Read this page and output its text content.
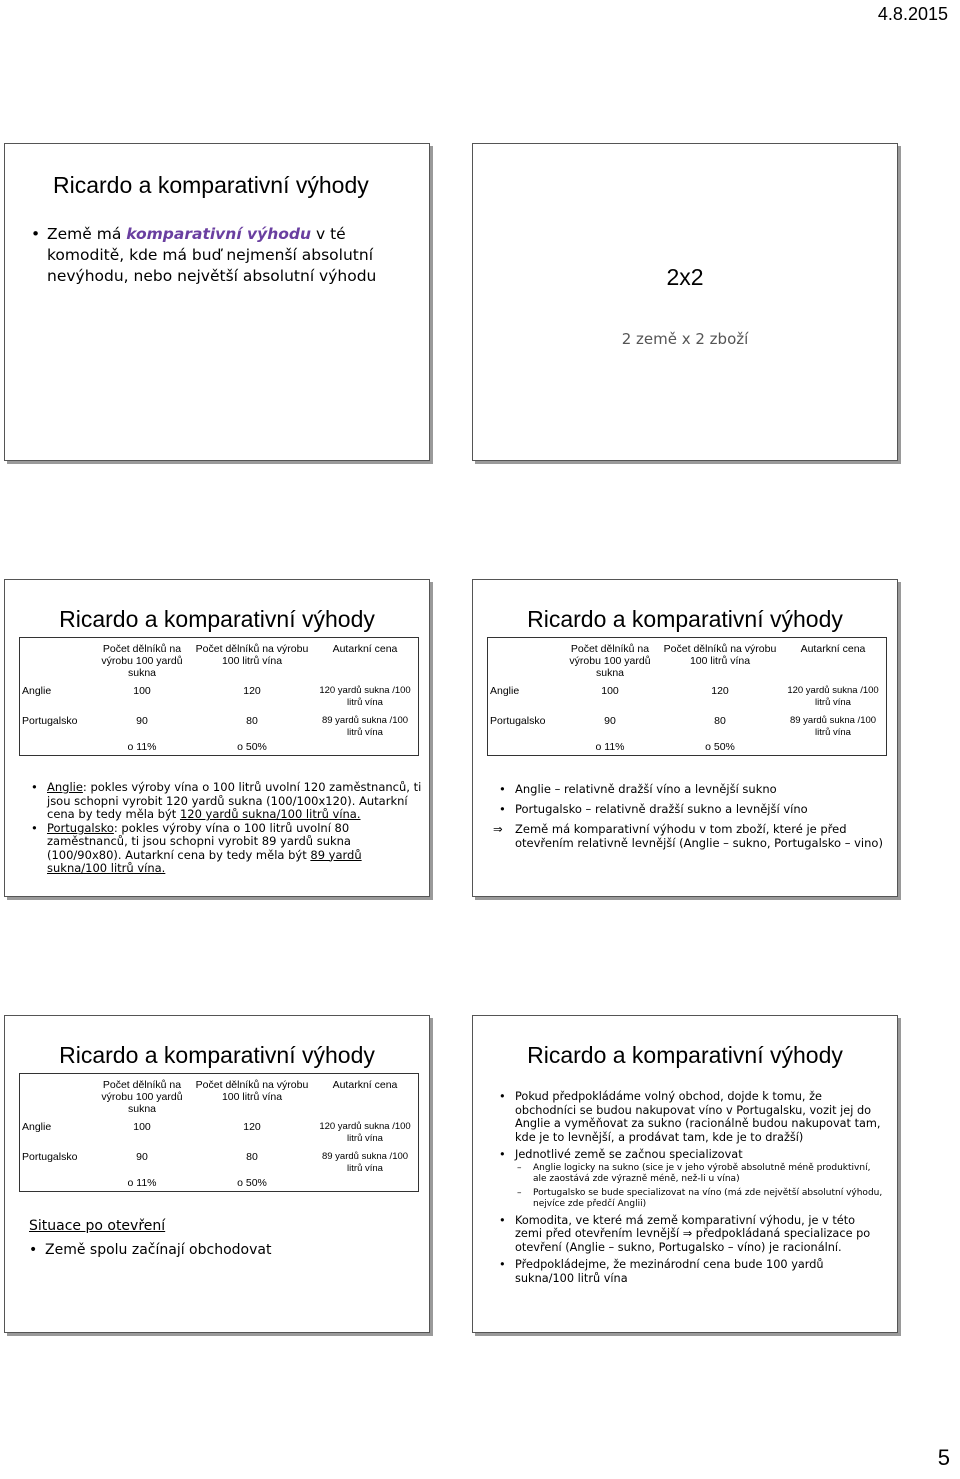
4.8.2015
Ricardo a komparativní výhody
• Země má komparativní výhodu v té komoditě, kde má buď nejmenší absolutní nevýhodu, nebo největší absolutní výhodu	2x2
2 země x 2 zboží
Ricardo a komparativní výhody
	Počet dělníků na výrobu 100 yardů sukna	Počet dělníků na výrobu 100 litrů vína	Autarkní cena
Anglie	100	120	120 yardů sukna /100 litrů vína
Portugalsko	90	80	89 yardů sukna /100 litrů vína
	o 11%	o 50%	
• Anglie: pokles výroby vína o 100 litrů uvolní 120 zaměstnanců, ti jsou schopni vyrobit 120 yardů sukna (100/100x120). Autarkní cena by tedy měla být 120 yardů sukna/100 litrů vína.
• Portugalsko: pokles výroby vína o 100 litrů uvolní 80 zaměstnanců, ti jsou schopni vyrobit 89 yardů sukna (100/90x80). Autarkní cena by tedy měla být 89 yardů sukna/100 litrů vína.
Ricardo a komparativní výhody
	Počet dělníků na výrobu 100 yardů sukna	Počet dělníků na výrobu 100 litrů vína	Autarkní cena
Anglie	100	120	120 yardů sukna /100 litrů vína
Portugalsko	90	80	89 yardů sukna /100 litrů vína
	o 11%	o 50%	
• Anglie – relativně dražší víno a levnější sukno
• Portugalsko – relativně dražší sukno a levnější víno
⇒ Země má komparativní výhodu v tom zboží, které je před otevřením relativně levnější (Anglie – sukno, Portugalsko – vino)
Ricardo a komparativní výhody
	Počet dělníků na výrobu 100 yardů sukna	Počet dělníků na výrobu 100 litrů vína	Autarkní cena
Anglie	100	120	120 yardů sukna /100 litrů vína
Portugalsko	90	80	89 yardů sukna /100 litrů vína
	o 11%	o 50%	
Situace po otevření
• Země spolu začínají obchodovat
Ricardo a komparativní výhody
• Pokud předpokládáme volný obchod, dojde k tomu, že obchodníci se budou nakupovat víno v Portugalsku, vozit jej do Anglie a vyměňovat za sukno (racionálně budou nakupovat tam, kde je to levnější, a prodávat tam, kde je to dražší)
• Jednotlivé země se začnou specializovat
– Anglie logicky na sukno (sice je v jeho výrobě absolutně méně produktivní, ale zaostává zde výrazně méně, než-li u vína)
– Portugalsko se bude specializovat na víno (má zde největší absolutní výhodu, nejvíce zde předčí Anglii)
• Komodita, ve které má země komparativní výhodu, je v této zemi před otevřením levnější ⇒ předpokládaná specializace po otevření (Anglie – sukno, Portugalsko – víno) je racionální.
• Předpokládejme, že mezinárodní cena bude 100 yardů sukna/100 litrů vína
5
